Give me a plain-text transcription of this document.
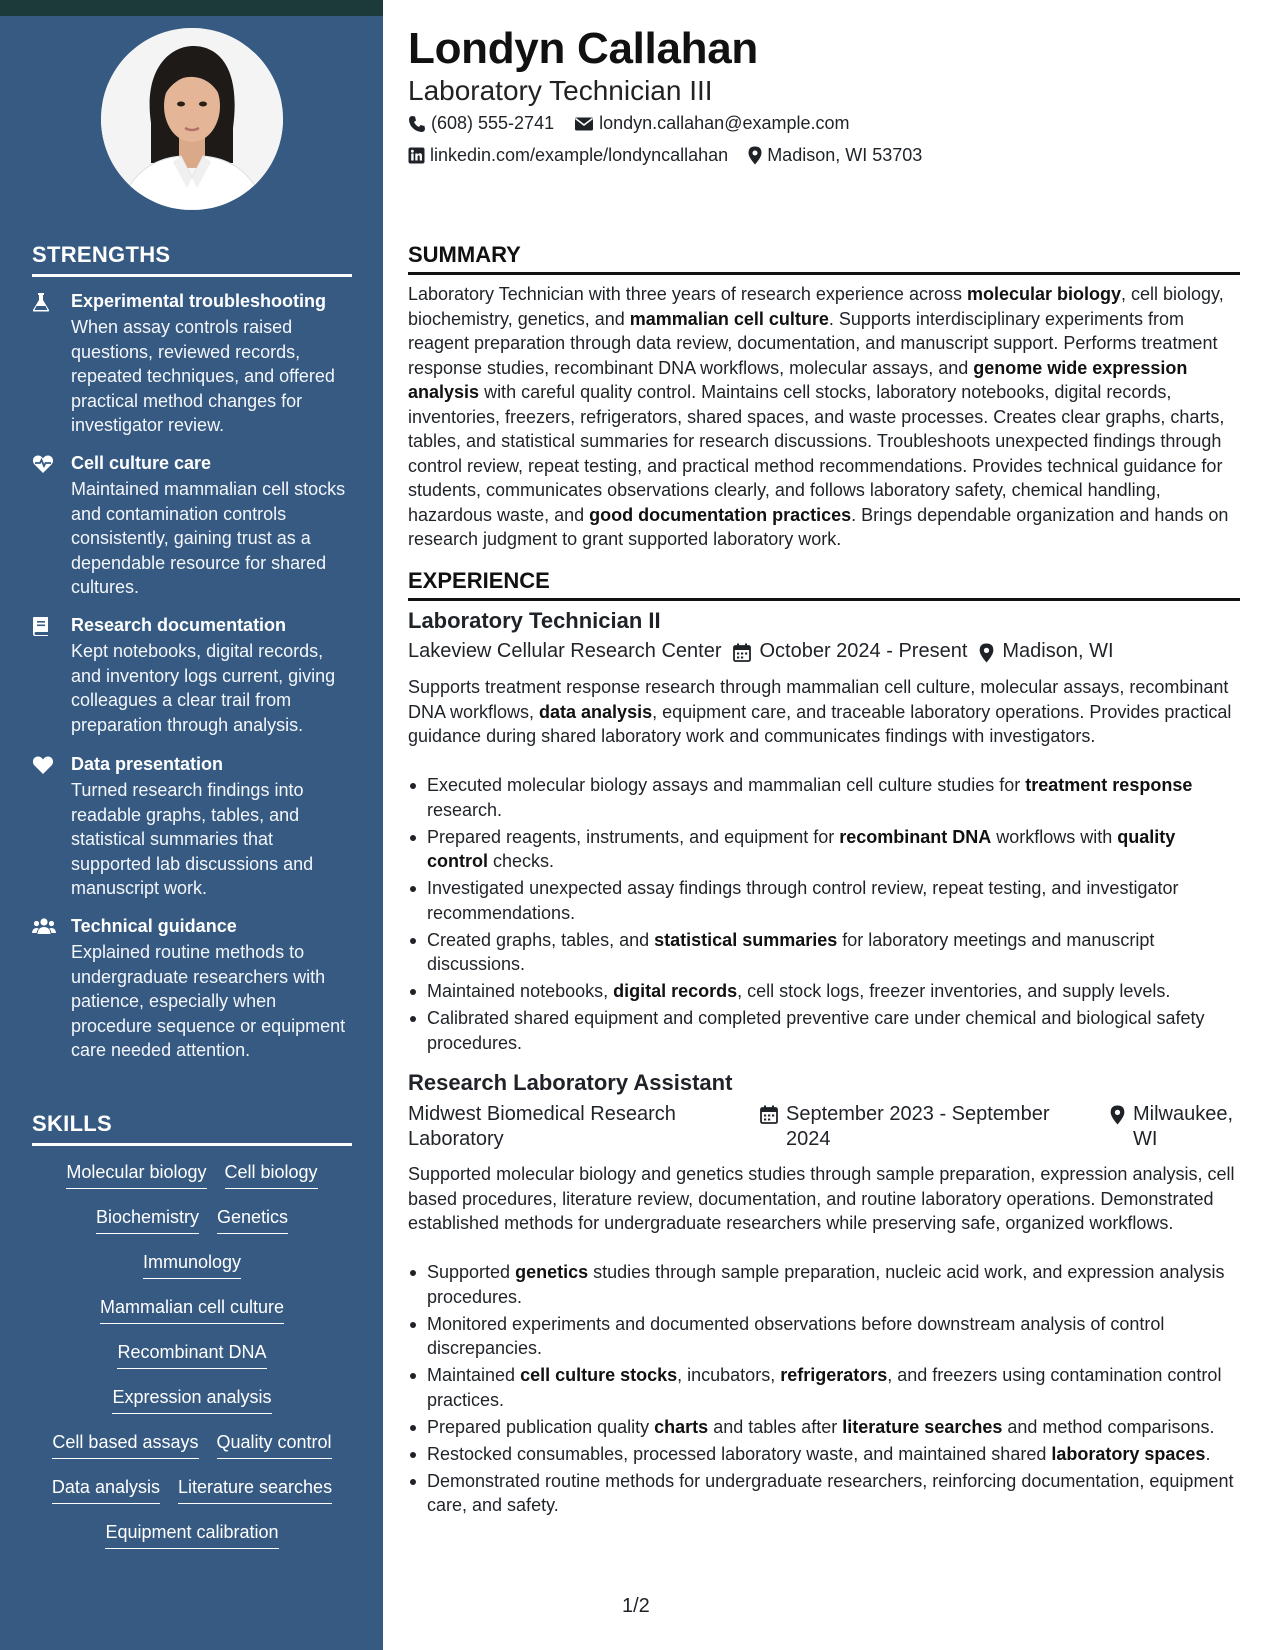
STRENGTHS
Experimental troubleshooting
When assay controls raised questions, reviewed records, repeated techniques, and offered practical method changes for investigator review.
Cell culture care
Maintained mammalian cell stocks and contamination controls consistently, gaining trust as a dependable resource for shared cultures.
Research documentation
Kept notebooks, digital records, and inventory logs current, giving colleagues a clear trail from preparation through analysis.
Data presentation
Turned research findings into readable graphs, tables, and statistical summaries that supported lab discussions and manuscript work.
Technical guidance
Explained routine methods to undergraduate researchers with patience, especially when procedure sequence or equipment care needed attention.
SKILLS
Molecular biology Cell biology
Biochemistry Genetics
Immunology
Mammalian cell culture
Recombinant DNA
Expression analysis
Cell based assays Quality control
Data analysis Literature searches
Equipment calibration
Londyn Callahan
Laboratory Technician III
(608) 555-2741	londyn.callahan@example.com
linkedin.com/example/londyncallahan Madison, WI 53703
SUMMARY
Laboratory Technician with three years of research experience across molecular biology, cell biology, biochemistry, genetics, and mammalian cell culture. Supports interdisciplinary experiments from reagent preparation through data review, documentation, and manuscript support. Performs treatment response studies, recombinant DNA workflows, molecular assays, and genome wide expression analysis with careful quality control. Maintains cell stocks, laboratory notebooks, digital records, inventories, freezers, refrigerators, shared spaces, and waste processes. Creates clear graphs, charts, tables, and statistical summaries for research discussions. Troubleshoots unexpected findings through control review, repeat testing, and practical method recommendations. Provides technical guidance for students, communicates observations clearly, and follows laboratory safety, chemical handling, hazardous waste, and good documentation practices. Brings dependable organization and hands on research judgment to grant supported laboratory work.
EXPERIENCE
Laboratory Technician II
Lakeview Cellular Research Center October 2024 - Present Madison, WI
Supports treatment response research through mammalian cell culture, molecular assays, recombinant DNA workflows, data analysis, equipment care, and traceable laboratory operations. Provides practical guidance during shared laboratory work and communicates findings with investigators.
Executed molecular biology assays and mammalian cell culture studies for treatment response research.
Prepared reagents, instruments, and equipment for recombinant DNA workflows with quality control checks.
Investigated unexpected assay findings through control review, repeat testing, and investigator recommendations.
Created graphs, tables, and statistical summaries for laboratory meetings and manuscript discussions.
Maintained notebooks, digital records, cell stock logs, freezer inventories, and supply levels.
Calibrated shared equipment and completed preventive care under chemical and biological safety procedures.
Research Laboratory Assistant
Midwest Biomedical Research Laboratory
September 2023 - September 2024
Milwaukee, WI
Supported molecular biology and genetics studies through sample preparation, expression analysis, cell based procedures, literature review, documentation, and routine laboratory operations. Demonstrated established methods for undergraduate researchers while preserving safe, organized workflows.
Supported genetics studies through sample preparation, nucleic acid work, and expression analysis procedures.
Monitored experiments and documented observations before downstream analysis of control discrepancies.
Maintained cell culture stocks, incubators, refrigerators, and freezers using contamination control practices.
Prepared publication quality charts and tables after literature searches and method comparisons.
Restocked consumables, processed laboratory waste, and maintained shared laboratory spaces.
Demonstrated routine methods for undergraduate researchers, reinforcing documentation, equipment care, and safety.
1/2
